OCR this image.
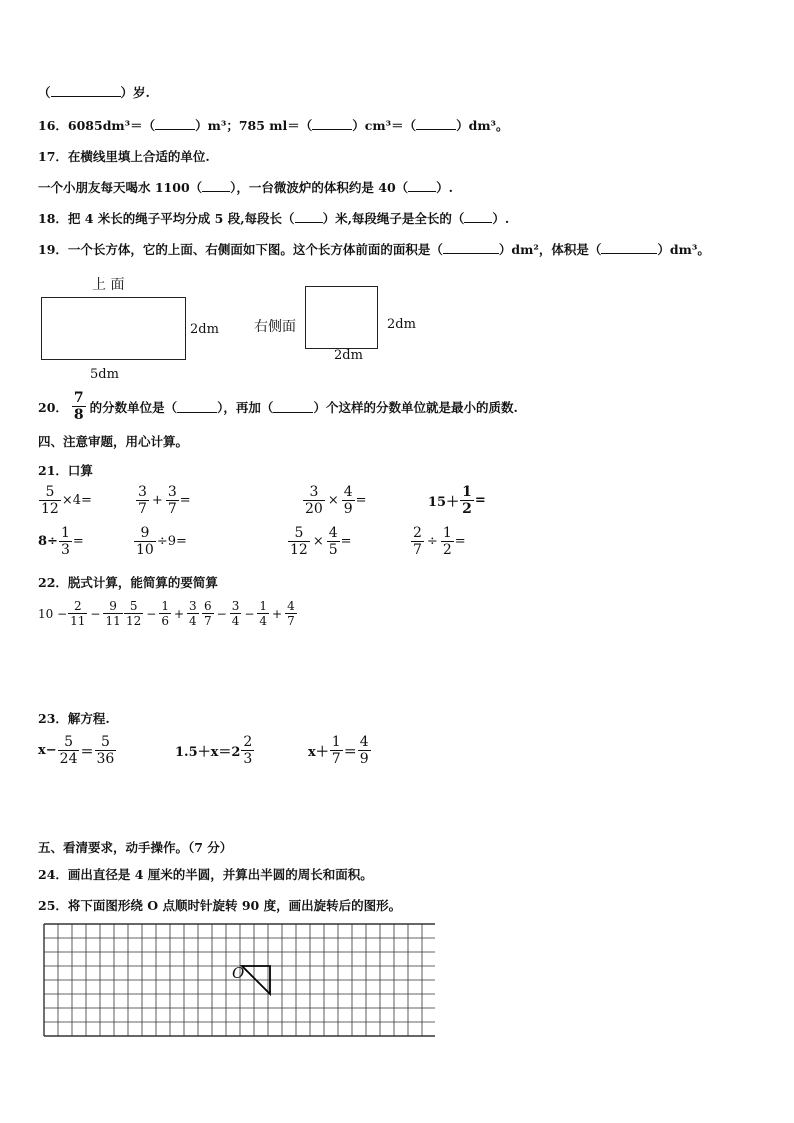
（	）岁.
16．6085dm³＝（	）m³；785 ml＝（	）cm³＝（	）dm³。
17．在横线里填上合适的单位.
一个小朋友每天喝水 1100（ ），一台微波炉的体积约是 40（ ）.
18．把 4 米长的绳子平均分成 5 段,每段长（ ）米,每段绳子是全长的（ ）.
19．一个长方体，它的上面、右侧面如下图。这个长方体前面的面积是（	）dm²，体积是（	）dm³。
上 面
2dm
5dm
右侧面	2dm
2dm
20． $\frac{7}{8}$ 的分数单位是（	），再加（	）个这样的分数单位就是最小的质数.
四、注意审题，用心计算。
21．口算
$\frac{5}{12} \times 4=$	$\frac{3}{7} + \frac{3}{7}$ =	$\frac{3}{20} \times \frac{4}{9}$ =	$15+ \frac{1}{2}$ =
$8\div \frac{1}{3}$ =	$\frac{9}{10} \div 9=$	$\frac{5}{12} \times \frac{4}{5}$ =	$\frac{2}{7} \div \frac{1}{2}$ =
22．脱式计算，能简算的要简算
$10 - \frac{2}{11} - \frac{9}{11} \frac{5}{12} - \frac{1}{6} + \frac{3}{4} \frac{6}{7} - \frac{3}{4} - \frac{1}{4} + \frac{4}{7}$
23．解方程.
$x- \frac{5}{24} = \frac{5}{36}$	$1.5+x=2 \frac{2}{3}$	$x+ \frac{1}{7} = \frac{4}{9}$
五、看清要求，动手操作。（7 分）
24．画出直径是 4 厘米的半圆，并算出半圆的周长和面积。
25．将下面图形绕 O 点顺时针旋转 90 度，画出旋转后的图形。
O
